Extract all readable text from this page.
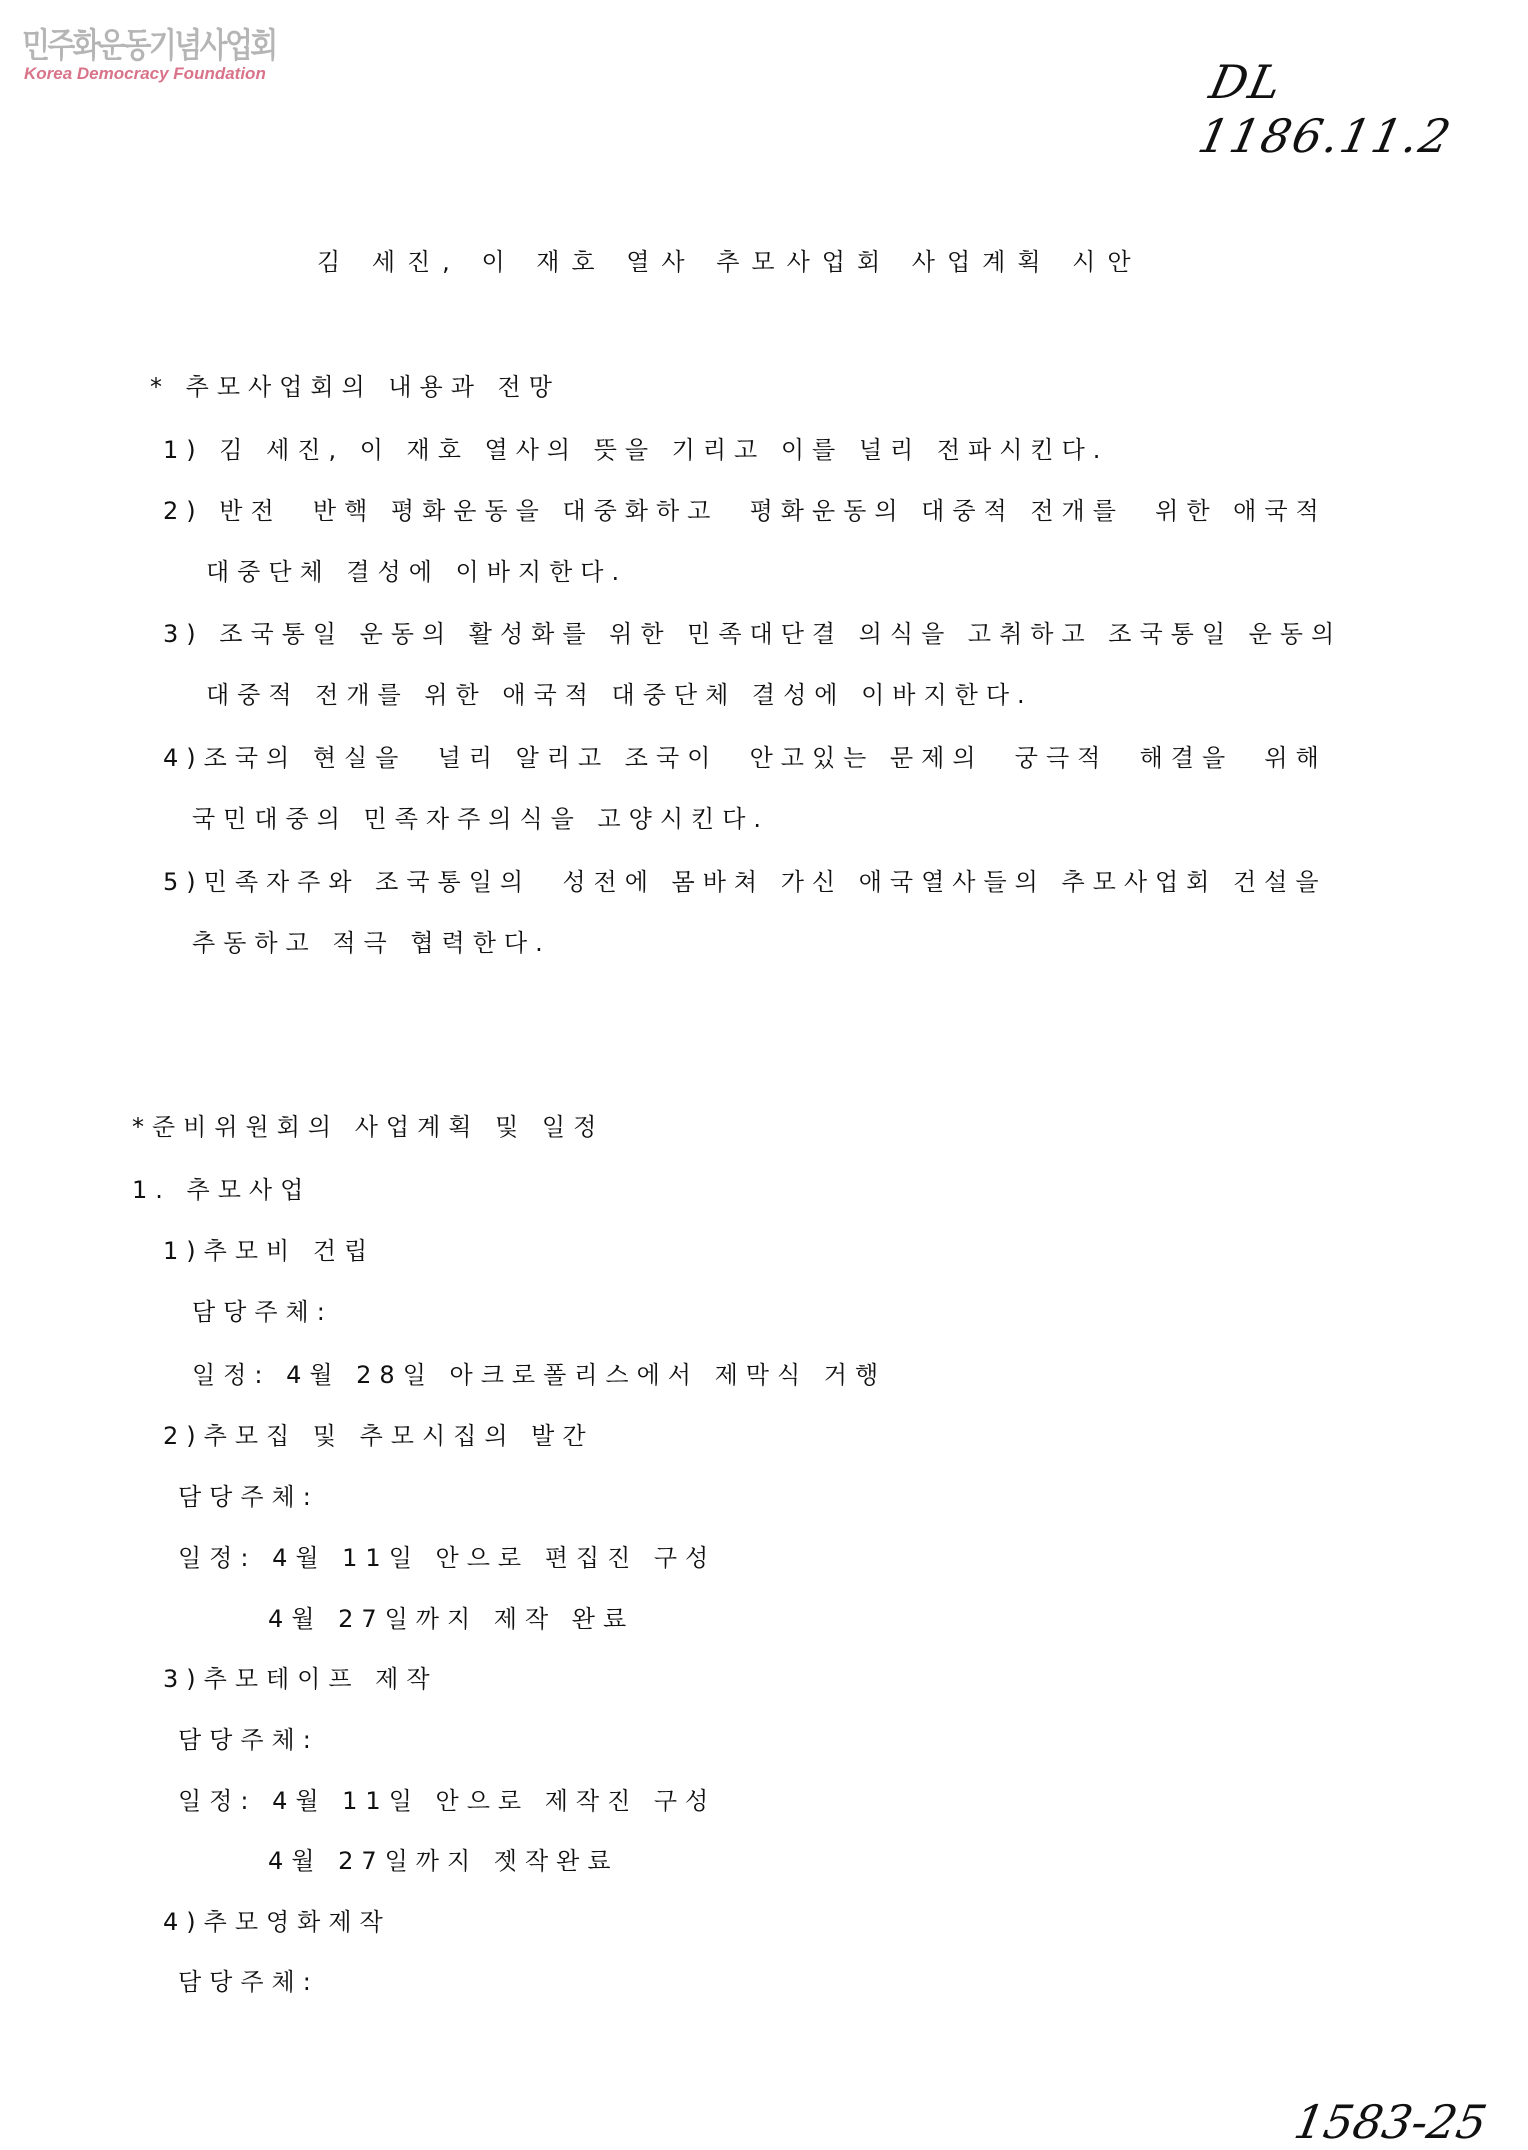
민주화운동기념사업회
Korea Democracy Foundation	DL 1186.11.2
김 세진, 이 재호 열사 추모사업회 사업계획 시안
* 추모사업회의 내용과 전망
1) 김 세진, 이 재호 열사의 뜻을 기리고 이를 널리 전파시킨다.
2) 반전  반핵 평화운동을 대중화하고  평화운동의 대중적 전개를  위한 애국적
대중단체 결성에 이바지한다.
3) 조국통일 운동의 활성화를 위한 민족대단결 의식을 고취하고 조국통일 운동의
대중적 전개를 위한 애국적 대중단체 결성에 이바지한다.
4)조국의 현실을  널리 알리고 조국이  안고있는 문제의  궁극적  해결을  위해
국민대중의 민족자주의식을 고양시킨다.
5)민족자주와 조국통일의  성전에 몸바쳐 가신 애국열사들의 추모사업회 건설을
추동하고 적극 협력한다.
*준비위원회의 사업계획 및 일정
1. 추모사업
1)추모비 건립
담당주체:
일정: 4월 28일 아크로폴리스에서 제막식 거행
2)추모집 및 추모시집의 발간
담당주체:
일정: 4월 11일 안으로 편집진 구성
4월 27일까지 제작 완료
3)추모테이프 제작
담당주체:
일정: 4월 11일 안으로 제작진 구성
4월 27일까지 젯작완료
4)추모영화제작
담당주체:
1583-25
